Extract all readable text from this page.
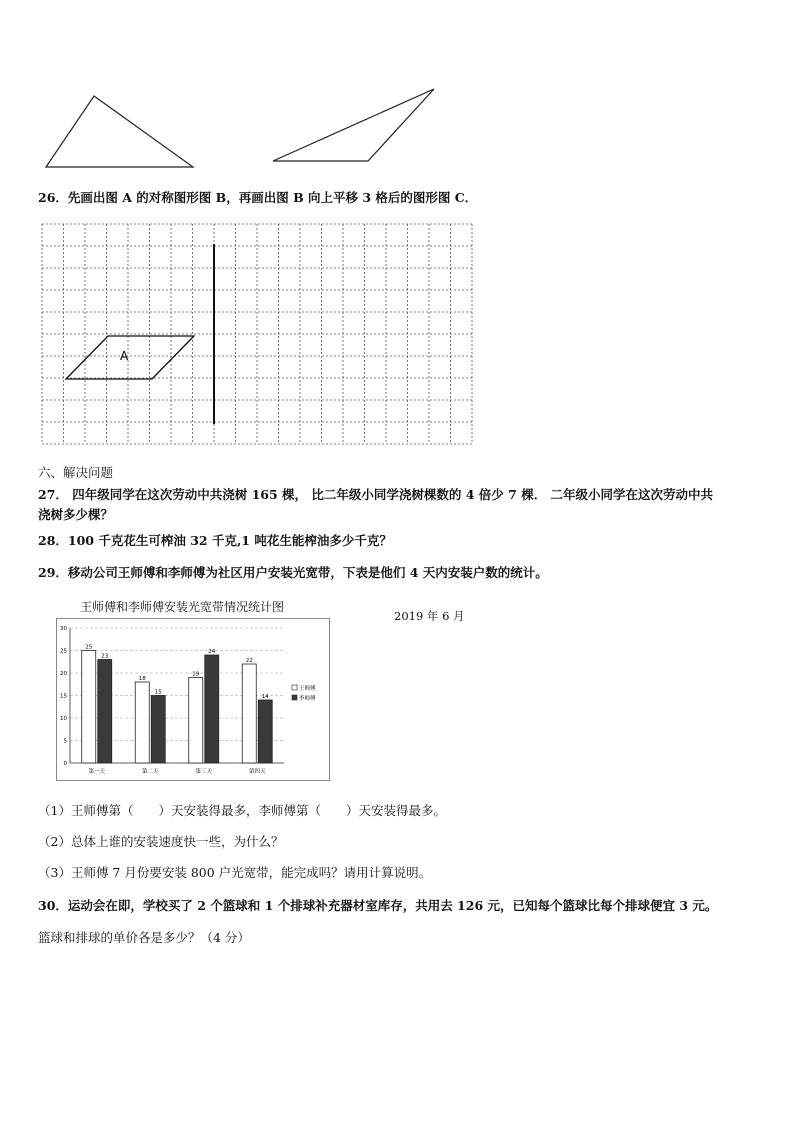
26．先画出图 A 的对称图形图 B，再画出图 B 向上平移 3 格后的图形图 C．
A
六、解决问题
27． 四年级同学在这次劳动中共浇树 165 棵， 比二年级小同学浇树棵数的 4 倍少 7 棵． 二年级小同学在这次劳动中共
浇树多少棵？
28．100 千克花生可榨油 32 千克,1 吨花生能榨油多少千克？
29．移动公司王师傅和李师傅为社区用户安装光宽带，下表是他们 4 天内安装户数的统计。
王师傅和李师傅安装光宽带情况统计图
2019 年 6 月
0
5
10
15
20
25
30
25
23
第一天
18
15
第二天
19
24
第三天
22
14
第四天
王师傅
李师傅
（1）王师傅第（　　）天安装得最多，李师傅第（　　）天安装得最多。
（2）总体上谁的安装速度快一些，为什么？
（3）王师傅 7 月份要安装 800 户光宽带，能完成吗？请用计算说明。
30．运动会在即，学校买了 2 个篮球和 1 个排球补充器材室库存，共用去 126 元，已知每个篮球比每个排球便宜 3 元。
篮球和排球的单价各是多少？（4 分）
